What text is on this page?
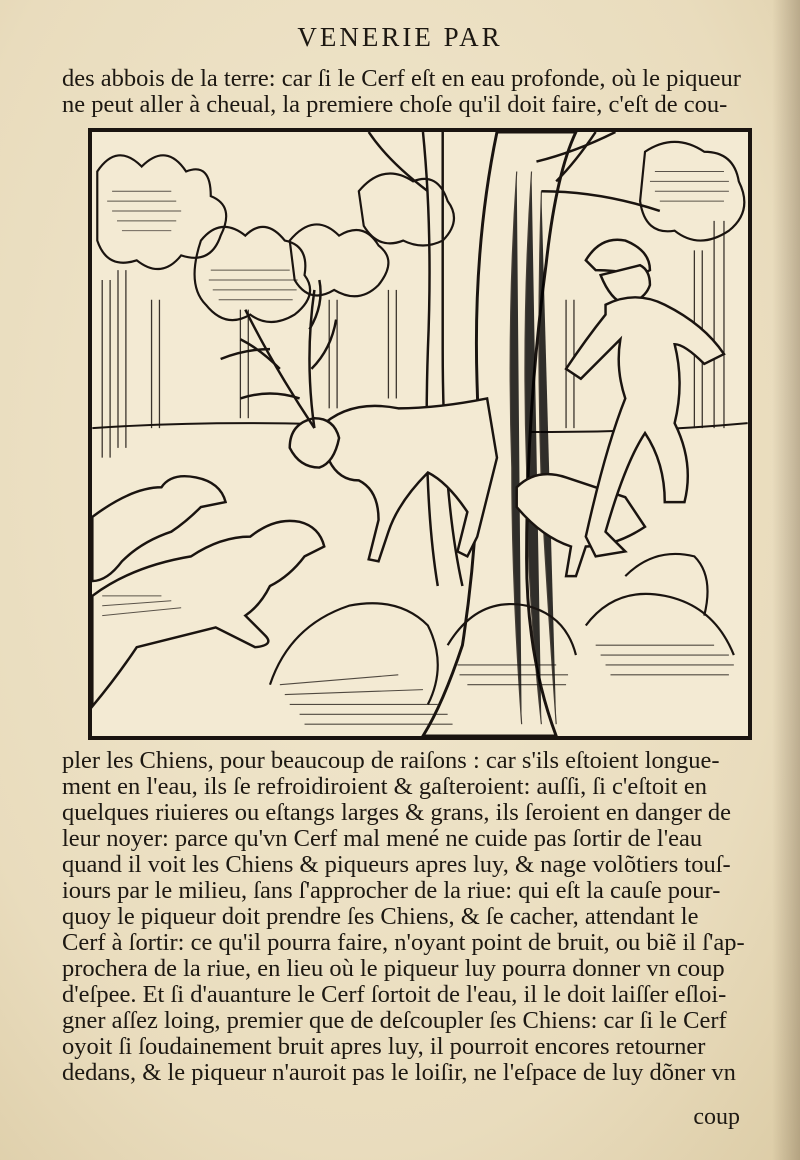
VENERIE PAR
des abbois de la terre: car ſi le Cerf eſt en eau profonde, où le piqueur
ne peut aller à cheual, la premiere choſe qu'il doit faire, c'eſt de cou-
pler les Chiens, pour beaucoup de raiſons : car s'ils eſtoient longue-
ment en l'eau, ils ſe refroidiroient & gaſteroient: auſſi, ſi c'eſtoit en
quelques riuieres ou eſtangs larges & grans, ils ſeroient en danger de
leur noyer: parce qu'vn Cerf mal mené ne cuide pas ſortir de l'eau
quand il voit les Chiens & piqueurs apres luy, & nage volõtiers touſ-
iours par le milieu, ſans ſ'approcher de la riue: qui eſt la cauſe pour-
quoy le piqueur doit prendre ſes Chiens, & ſe cacher, attendant le
Cerf à ſortir: ce qu'il pourra faire, n'oyant point de bruit, ou biẽ il ſ'ap-
prochera de la riue, en lieu où le piqueur luy pourra donner vn coup
d'eſpee. Et ſi d'auanture le Cerf ſortoit de l'eau, il le doit laiſſer eſloi-
gner aſſez loing, premier que de deſcoupler ſes Chiens: car ſi le Cerf
oyoit ſi ſoudainement bruit apres luy, il pourroit encores retourner
dedans, & le piqueur n'auroit pas le loiſir, ne l'eſpace de luy dõner vn
coup
